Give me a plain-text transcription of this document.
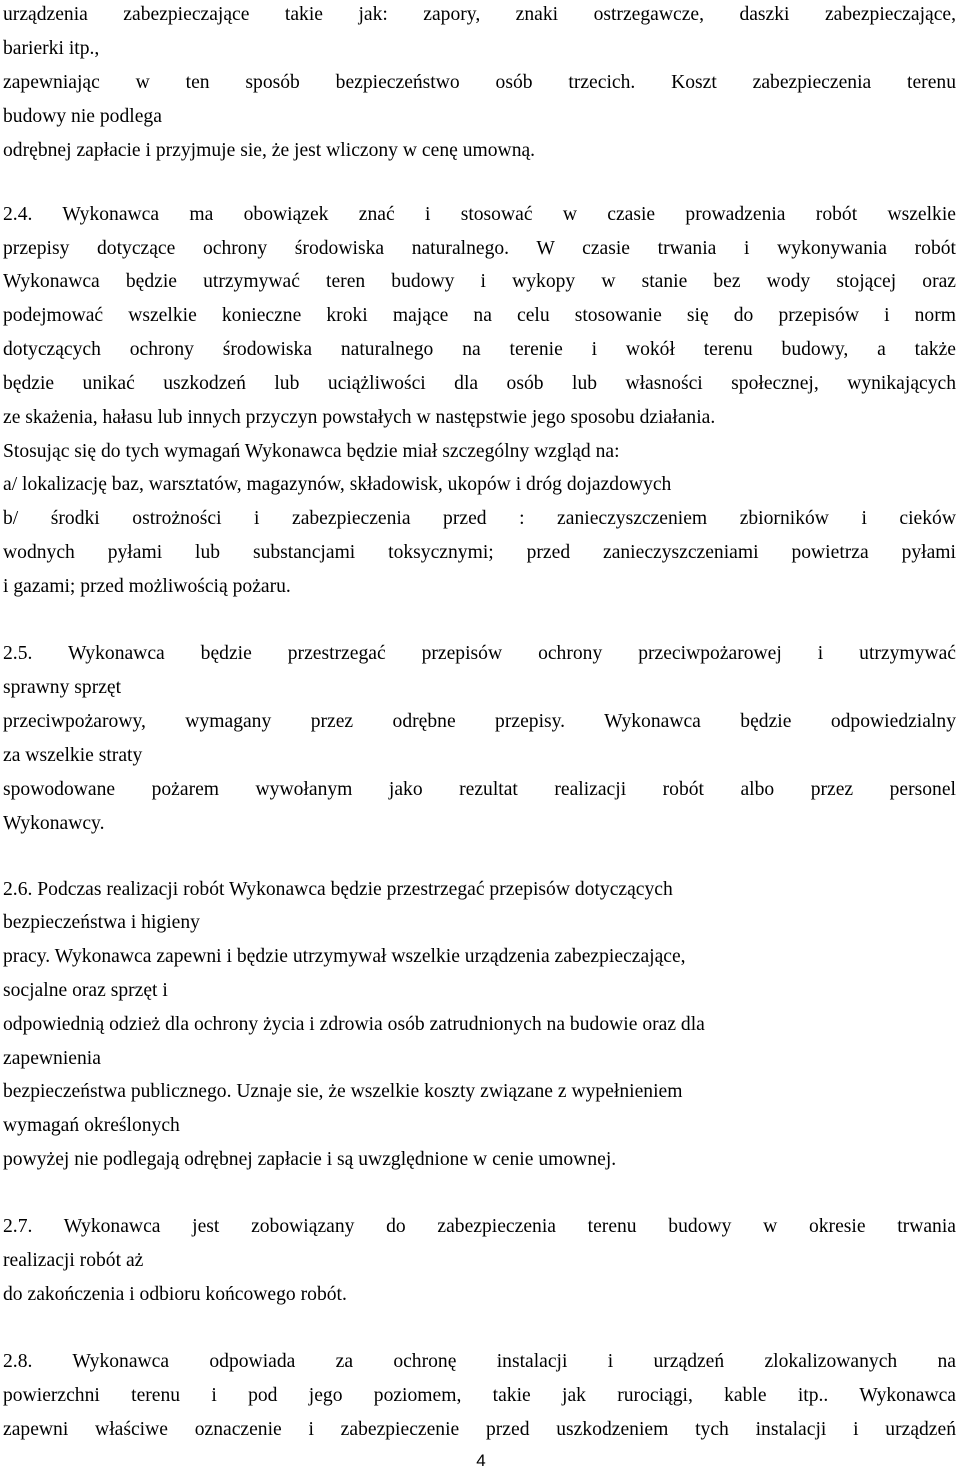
urządzenia zabezpieczające takie jak: zapory, znaki ostrzegawcze, daszki zabezpieczające,

barierki itp.,

zapewniając w ten sposób bezpieczeństwo osób trzecich. Koszt zabezpieczenia terenu

budowy nie podlega

odrębnej zapłacie i przyjmuje sie, że jest wliczony w cenę umowną.

2.4. Wykonawca ma obowiązek znać i stosować w czasie prowadzenia robót wszelkie

przepisy dotyczące ochrony środowiska naturalnego. W czasie trwania i wykonywania robót

Wykonawca będzie utrzymywać teren budowy i wykopy w stanie bez wody stojącej oraz

podejmować wszelkie konieczne kroki mające na celu stosowanie się do przepisów i norm

dotyczących ochrony środowiska naturalnego na terenie i wokół terenu budowy, a także

będzie unikać uszkodzeń lub uciążliwości dla osób lub własności społecznej, wynikających

ze skażenia, hałasu lub innych przyczyn powstałych w następstwie jego sposobu działania.

Stosując się do tych wymagań Wykonawca będzie miał szczególny wzgląd na:

a/ lokalizację baz, warsztatów, magazynów, składowisk, ukopów i dróg dojazdowych

b/ środki ostrożności i zabezpieczenia przed : zanieczyszczeniem zbiorników i cieków

wodnych pyłami lub substancjami toksycznymi; przed zanieczyszczeniami powietrza pyłami

i gazami; przed możliwością pożaru.

2.5. Wykonawca będzie przestrzegać przepisów ochrony przeciwpożarowej i utrzymywać

sprawny sprzęt

przeciwpożarowy, wymagany przez odrębne przepisy. Wykonawca będzie odpowiedzialny

za wszelkie straty

spowodowane pożarem wywołanym jako rezultat realizacji robót albo przez personel

Wykonawcy.

2.6. Podczas realizacji robót Wykonawca będzie przestrzegać przepisów dotyczących

bezpieczeństwa i higieny

pracy. Wykonawca zapewni i będzie utrzymywał wszelkie urządzenia zabezpieczające,

socjalne oraz sprzęt i

odpowiednią odzież dla ochrony życia i zdrowia osób zatrudnionych na budowie oraz dla

zapewnienia

bezpieczeństwa publicznego. Uznaje sie, że wszelkie koszty związane z wypełnieniem

wymagań określonych

powyżej nie podlegają odrębnej zapłacie i są uwzględnione w cenie umownej.

2.7. Wykonawca jest zobowiązany do zabezpieczenia terenu budowy w okresie trwania

realizacji robót aż

do zakończenia i odbioru końcowego robót.

2.8. Wykonawca odpowiada za ochronę instalacji i urządzeń zlokalizowanych na

powierzchni terenu i pod jego poziomem, takie jak rurociągi, kable itp.. Wykonawca

zapewni właściwe oznaczenie i zabezpieczenie przed uszkodzeniem tych instalacji i urządzeń

4
